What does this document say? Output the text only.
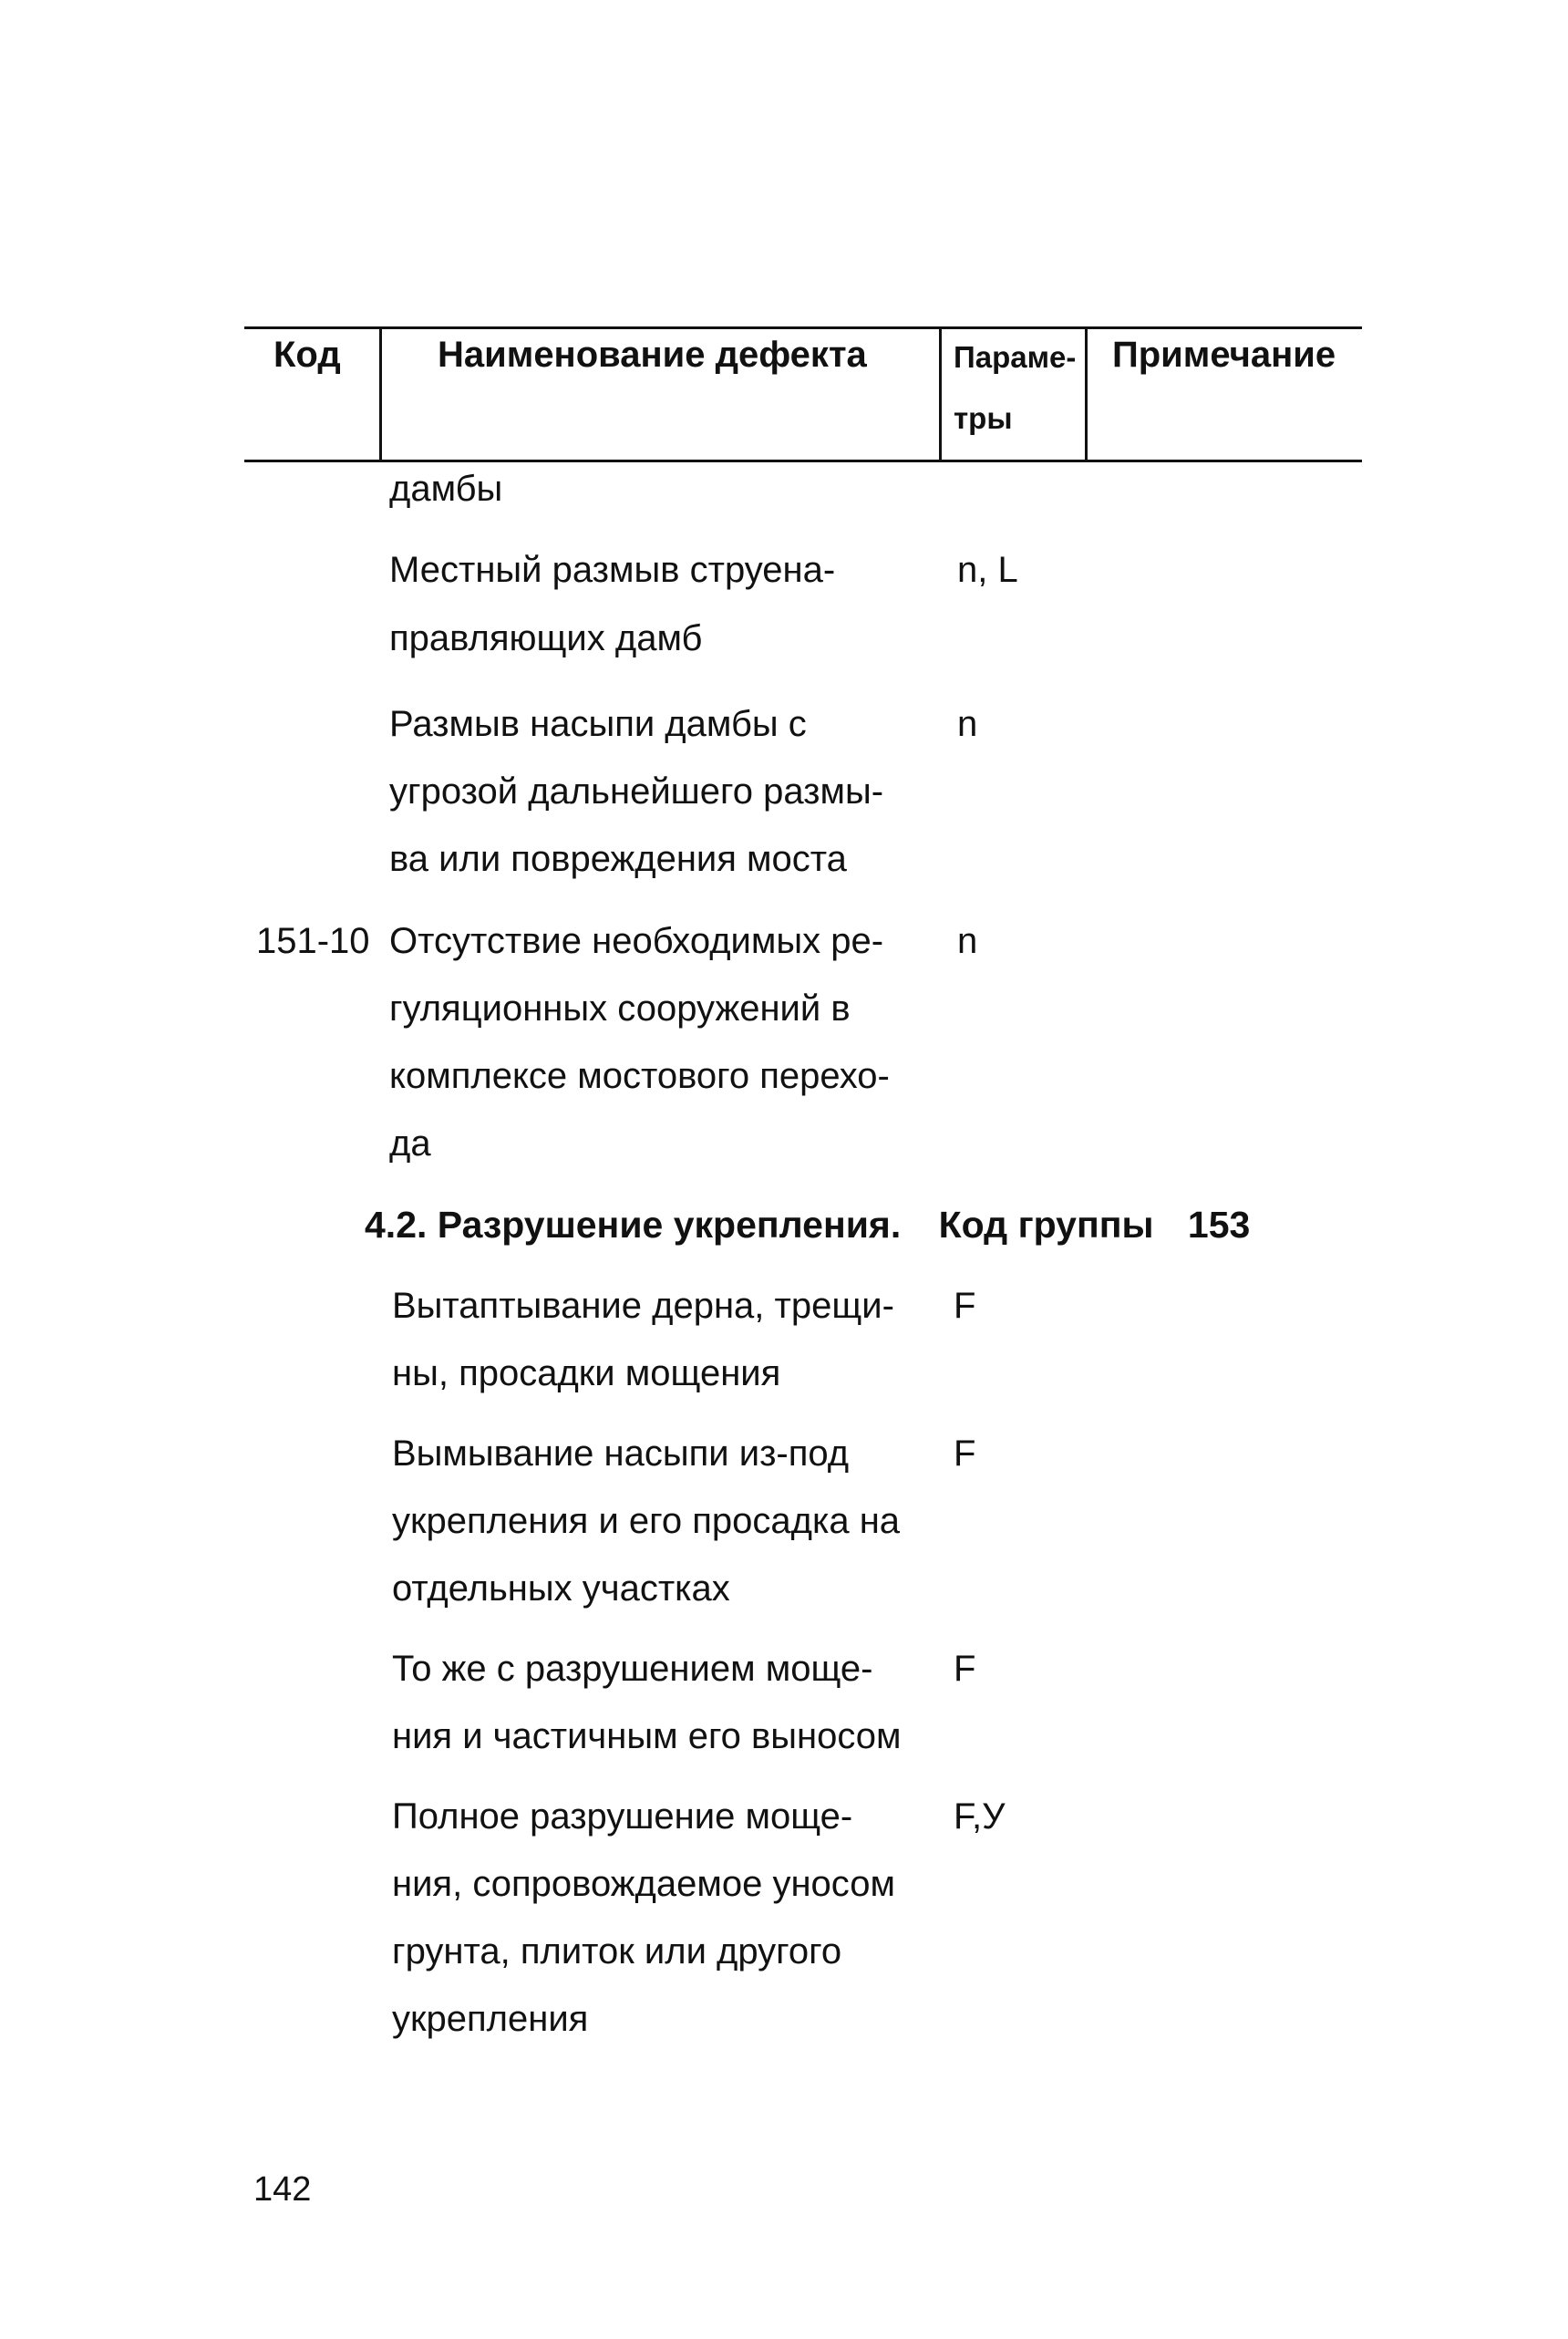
Код	Наименование дефекта	Параме-
тры
Примечание
дамбы
Местный размыв струена-
правляющих дамб
n, L
Размыв насыпи дамбы с
угрозой дальнейшего размы-
ва или повреждения моста
n
151-10 Отсутствие необходимых ре-
гуляционных сооружений в
комплексе мостового перехо-
да
n
4.2. Разрушение укрепления. Код группы 153
Вытаптывание дерна, трещи-
ны, просадки мощения
F
Вымывание насыпи из-под
укрепления и его просадка на
отдельных участках
F
То же с разрушением моще-
ния и частичным его выносом
F
Полное разрушение моще-
ния, сопровождаемое уносом
грунта, плиток или другого
укрепления
F,У
142
